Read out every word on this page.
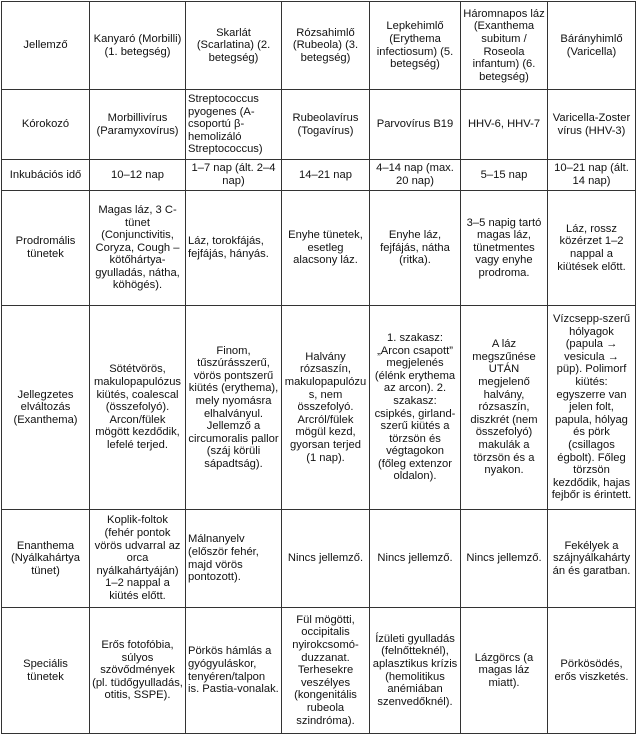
Jellemző	Kanyaró (Morbilli) (1. betegség)	Skarlát (Scarlatina) (2. betegség)	Rózsahimlő (Rubeola) (3. betegség)	Lepkehimlő (Erythema infectiosum) (5. betegség)	Háromnapos láz (Exanthema subitum / Roseola infantum) (6. betegség)	Bárányhimlő (Varicella)
Kórokozó	Morbillivírus (Paramyxovírus)	Streptococcus pyogenes (A-csoportú β-hemolizáló Streptococcus)	Rubeolavírus (Togavírus)	Parvovírus B19	HHV-6, HHV-7	Varicella-Zoster vírus (HHV-3)
Inkubációs idő	10–12 nap	1–7 nap (ált. 2–4 nap)	14–21 nap	4–14 nap (max. 20 nap)	5–15 nap	10–21 nap (ált. 14 nap)
Prodromális tünetek	Magas láz, 3 C-tünet (Conjunctivitis, Coryza, Cough – kötőhártya-gyulladás, nátha, köhögés).	Láz, torokfájás, fejfájás, hányás.	Enyhe tünetek, esetleg alacsony láz.	Enyhe láz, fejfájás, nátha (ritka).	3–5 napig tartó magas láz, tünetmentes vagy enyhe prodroma.	Láz, rossz közérzet 1–2 nappal a kiütések előtt.
Jellegzetes elváltozás (Exanthema)	Sötétvörös, makulopapulózus kiütés, coalescal (összefolyó). Arcon/fülek mögött kezdődik, lefelé terjed.	Finom, tűszúrásszerű, vörös pontszerű kiütés (erythema), mely nyomásra elhalványul. Jellemző a circumoralis pallor (száj körüli sápadtság).	Halvány rózsaszín, makulopapulózus, nem összefolyó. Arcról/fülek mögül kezd, gyorsan terjed (1 nap).	1. szakasz: „Arcon csapott” megjelenés (élénk erythema az arcon). 2. szakasz: csipkés, girland-szerű kiütés a törzsön és végtagokon (főleg extenzor oldalon).	A láz megszűnése UTÁN megjelenő halvány, rózsaszín, diszkrét (nem összefolyó) makulák a törzsön és a nyakon.	Vízcsepp-szerű hólyagok (papula → vesicula → püp). Polimorf kiütés: egyszerre van jelen folt, papula, hólyag és pörk (csillagos égbolt). Főleg törzsön kezdődik, hajas fejbőr is érintett.
Enanthema (Nyálkahártya tünet)	Koplik-foltok (fehér pontok vörös udvarral az orca nyálkahártyáján) 1–2 nappal a kiütés előtt.	Málnanyelv (először fehér, majd vörös pontozott).	Nincs jellemző.	Nincs jellemző.	Nincs jellemző.	Fekélyek a szájnyálkahártyán és garatban.
Speciális tünetek	Erős fotofóbia, súlyos szövődmények (pl. tüdőgyulladás, otitis, SSPE).	Pörkös hámlás a gyógyuláskor, tenyéren/talpon is. Pastia-vonalak.	Fül mögötti, occipitalis nyirokcsomó-duzzanat. Terhesekre veszélyes (kongenitális rubeola szindróma).	Ízületi gyulladás (felnőtteknél), aplasztikus krízis (hemolitikus anémiában szenvedőknél).	Lázgörcs (a magas láz miatt).	Pörkösödés, erős viszketés.
